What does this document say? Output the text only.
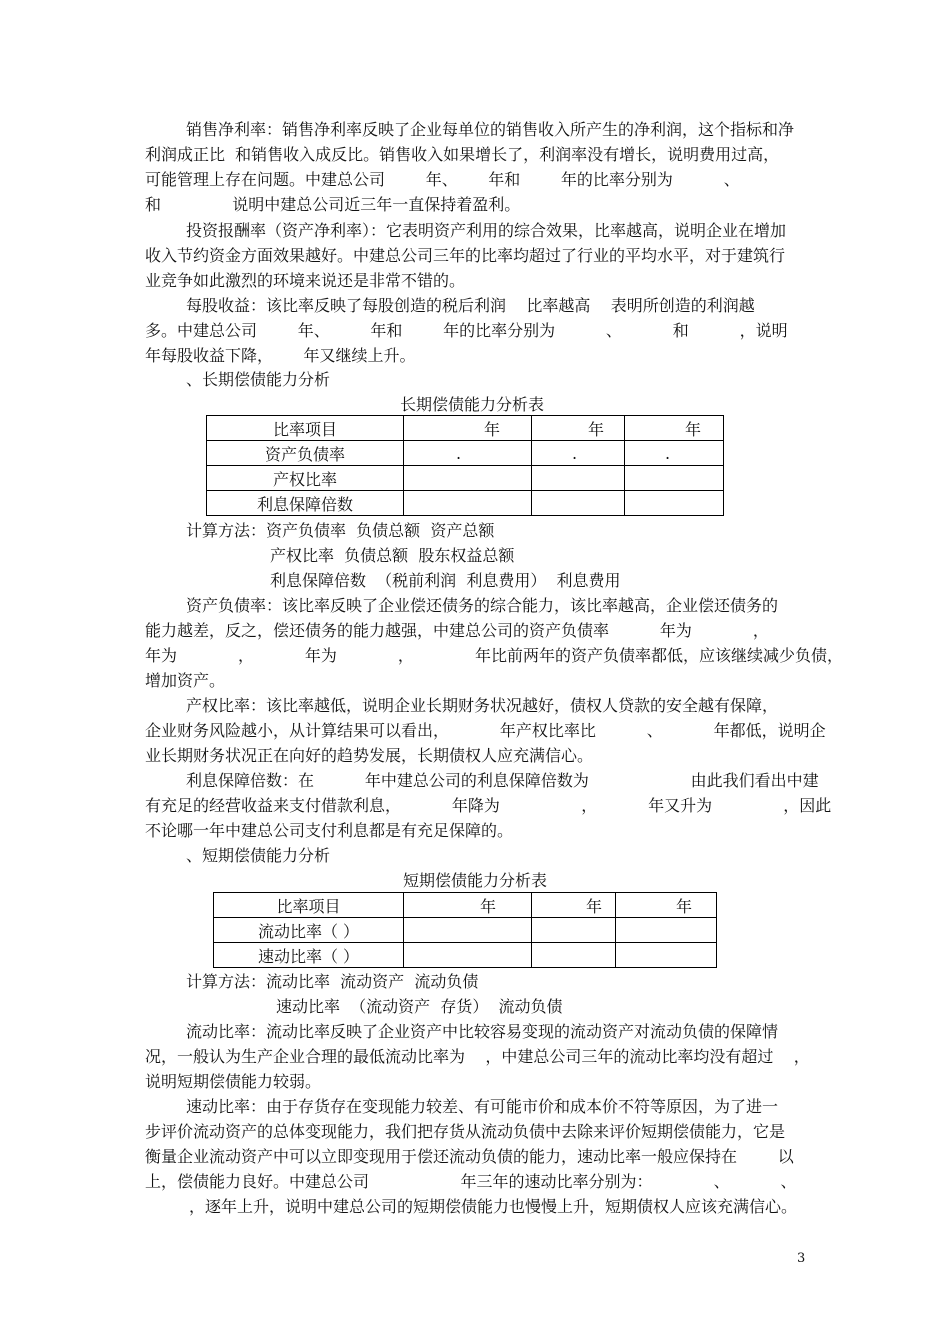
销售净利率：销售净利率反映了企业每单位的销售收入所产生的净利润，这个指标和净
利润成正比  和销售收入成反比。销售收入如果增长了，利润率没有增长，说明费用过高，
可能管理上存在问题。中建总公司        年、      年和        年的比率分别为          、
和              说明中建总公司近三年一直保持着盈利。
投资报酬率（资产净利率）：它表明资产利用的综合效果，比率越高，说明企业在增加
收入节约资金方面效果越好。中建总公司三年的比率均超过了行业的平均水平，对于建筑行
业竞争如此激烈的环境来说还是非常不错的。
每股收益：该比率反映了每股创造的税后利润    比率越高    表明所创造的利润越
多。中建总公司        年、        年和        年的比率分别为          、          和          ，说明
年每股收益下降，      年又继续上升。
、长期偿债能力分析
长期偿债能力分析表
比率项目	年	年	年
资产负债率	.	.	.
产权比率			
利息保障倍数			
计算方法：资产负债率  负债总额  资产总额
产权比率  负债总额  股东权益总额
利息保障倍数  （税前利润  利息费用）  利息费用
资产负债率：该比率反映了企业偿还债务的综合能力，该比率越高，企业偿还债务的
能力越差，反之，偿还债务的能力越强，中建总公司的资产负债率          年为            ，
年为            ，          年为            ，            年比前两年的资产负债率都低，应该继续减少负债，
增加资产。
产权比率：该比率越低，说明企业长期财务状况越好，债权人贷款的安全越有保障，
企业财务风险越小，从计算结果可以看出，          年产权比率比          、          年都低，说明企
业长期财务状况正在向好的趋势发展，长期债权人应充满信心。
利息保障倍数：在          年中建总公司的利息保障倍数为                    由此我们看出中建
有充足的经营收益来支付借款利息，          年降为                ，          年又升为              ，因此
不论哪一年中建总公司支付利息都是有充足保障的。
、短期偿债能力分析
短期偿债能力分析表
比率项目	年	年	年
流动比率（ ）			
速动比率（ ）			
计算方法：流动比率  流动资产  流动负债
速动比率  （流动资产  存货）  流动负债
流动比率：流动比率反映了企业资产中比较容易变现的流动资产对流动负债的保障情
况，一般认为生产企业合理的最低流动比率为    ，中建总公司三年的流动比率均没有超过    ，
说明短期偿债能力较弱。
速动比率：由于存货存在变现能力较差、有可能市价和成本价不符等原因，为了进一
步评价流动资产的总体变现能力，我们把存货从流动负债中去除来评价短期偿债能力，它是
衡量企业流动资产中可以立即变现用于偿还流动负债的能力，速动比率一般应保持在        以
上，偿债能力良好。中建总公司                  年三年的速动比率分别为：            、          、
，逐年上升，说明中建总公司的短期偿债能力也慢慢上升，短期债权人应该充满信心。
3
